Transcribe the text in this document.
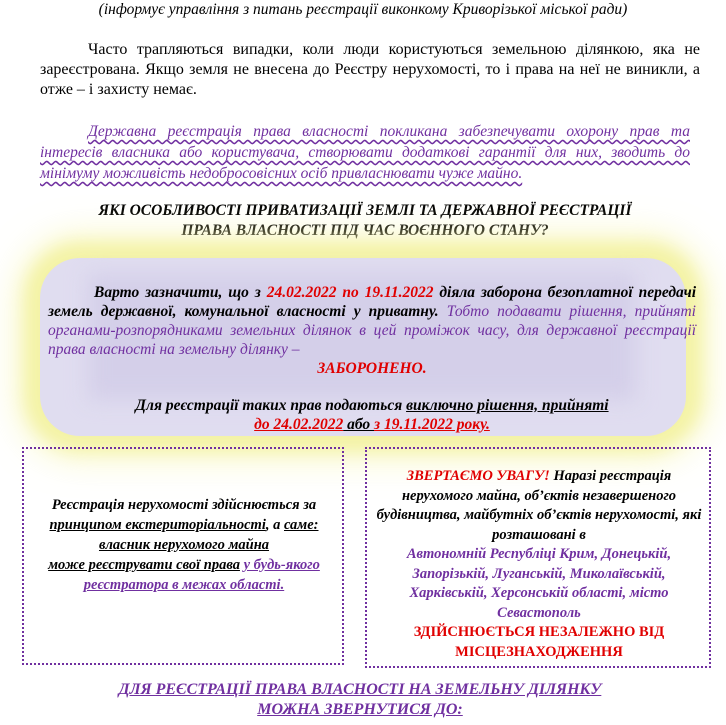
(інформує управління з питань реєстрації виконкому Криворізької міської ради)
Часто трапляються випадки, коли люди користуються земельною ділянкою, яка не зареєстрована. Якщо земля не внесена до Реєстру нерухомості, то і права на неї не виникли, а отже – і захисту немає.
Державна реєстрація права власності покликана забезпечувати охорону прав та інтересів власника або користувача, створювати додаткові гарантії для них, зводить до мінімуму можливість недобросовісних осіб привласнювати чуже майно.
ЯКІ ОСОБЛИВОСТІ ПРИВАТИЗАЦІЇ ЗЕМЛІ ТА ДЕРЖАВНОЇ РЕЄСТРАЦІЇ
ПРАВА ВЛАСНОСТІ ПІД ЧАС ВОЄННОГО СТАНУ?
Варто зазначити, що з 24.02.2022 по 19.11.2022 діяла заборона безоплатної передачі земель державної, комунальної власності у приватну. Тобто подавати рішення, прийняті органами-розпорядниками земельних ділянок в цей проміжок часу, для державної реєстрації права власності на земельну ділянку –
ЗАБОРОНЕНО.
Для реєстрації таких прав подаються виключно рішення, прийняті
до 24.02.2022 або з 19.11.2022 року.
Реєстрація нерухомості здійснюється за принципом екстериторіальності, а саме: власник нерухомого майна
може реєструвати свої права у будь-якого реєстратора в межах області.
ЗВЕРТАЄМО УВАГУ! Наразі реєстрація нерухомого майна, об’єктів незавершеного будівництва, майбутніх об’єктів нерухомості, які розташовані в
Автономній Республіці Крим, Донецькій, Запорізькій, Луганській, Миколаївській, Харківській, Херсонській області, місто Севастополь
ЗДІЙСНЮЄТЬСЯ НЕЗАЛЕЖНО ВІД МІСЦЕЗНАХОДЖЕННЯ
ДЛЯ РЕЄСТРАЦІЇ ПРАВА ВЛАСНОСТІ НА ЗЕМЕЛЬНУ ДІЛЯНКУ
МОЖНА ЗВЕРНУТИСЯ ДО:
